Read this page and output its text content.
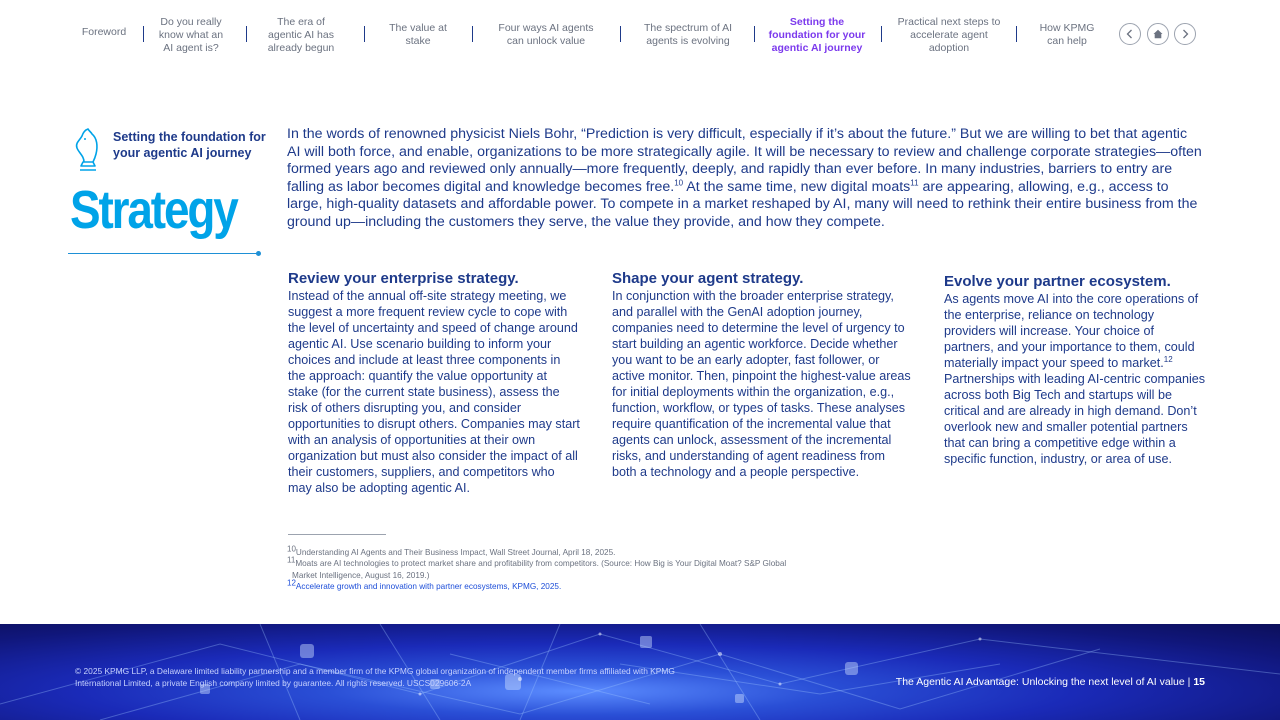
Foreword
Do you really know what an AI agent is?
The era of agentic AI has already begun
The value at stake
Four ways AI agents can unlock value
The spectrum of AI agents is evolving
Setting the foundation for your agentic AI journey
Practical next steps to accelerate agent adoption
How KPMG can help
Setting the foundation for your agentic AI journey
Strategy

In the words of renowned physicist Niels Bohr, “Prediction is very difficult, especially if it’s about the future.” But we are willing to bet that agentic AI will both force, and enable, organizations to be more strategically agile. It will be necessary to review and challenge corporate strategies—often formed years ago and reviewed only annually—more frequently, deeply, and rapidly than ever before. In many industries, barriers to entry are falling as labor becomes digital and knowledge becomes free.$^{10}$ At the same time, new digital moats$^{11}$ are appearing, allowing, e.g., access to large, high-quality datasets and affordable power. To compete in a market reshaped by AI, many will need to rethink their entire business from the ground up—including the customers they serve, the value they provide, and how they compete.

Review your enterprise strategy.

Instead of the annual off-site strategy meeting, we suggest a more frequent review cycle to cope with the level of uncertainty and speed of change around agentic AI. Use scenario building to inform your choices and include at least three components in the approach: quantify the value opportunity at stake (for the current state business), assess the risk of others disrupting you, and consider opportunities to disrupt others. Companies may start with an analysis of opportunities at their own organization but must also consider the impact of all their customers, suppliers, and competitors who may also be adopting agentic AI.

Shape your agent strategy.

In conjunction with the broader enterprise strategy, and parallel with the GenAI adoption journey, companies need to determine the level of urgency to start building an agentic workforce. Decide whether you want to be an early adopter, fast follower, or active monitor. Then, pinpoint the highest-value areas for initial deployments within the organization, e.g., function, workflow, or types of tasks. These analyses require quantification of the incremental value that agents can unlock, assessment of the incremental risks, and understanding of agent readiness from both a technology and a people perspective.

Evolve your partner ecosystem.

As agents move AI into the core operations of the enterprise, reliance on technology providers will increase. Your choice of partners, and your importance to them, could materially impact your speed to market.$^{12}$ Partnerships with leading AI-centric companies across both Big Tech and startups will be critical and are already in high demand. Don’t overlook new and smaller potential partners that can bring a competitive edge within a specific function, industry, or area of use.

$^{10}$Understanding AI Agents and Their Business Impact, Wall Street Journal, April 18, 2025.
$^{11}$Moats are AI technologies to protect market share and profitability from competitors. (Source: How Big is Your Digital Moat? S&P Global
Market Intelligence, August 16, 2019.)
$^{12}$Accelerate growth and innovation with partner ecosystems, KPMG, 2025.
© 2025 KPMG LLP, a Delaware limited liability partnership and a member firm of the KPMG global organization of independent member firms affiliated with KPMG International Limited, a private English company limited by guarantee. All rights reserved. USCS029606-2A	The Agentic AI Advantage: Unlocking the next level of AI value | 15
